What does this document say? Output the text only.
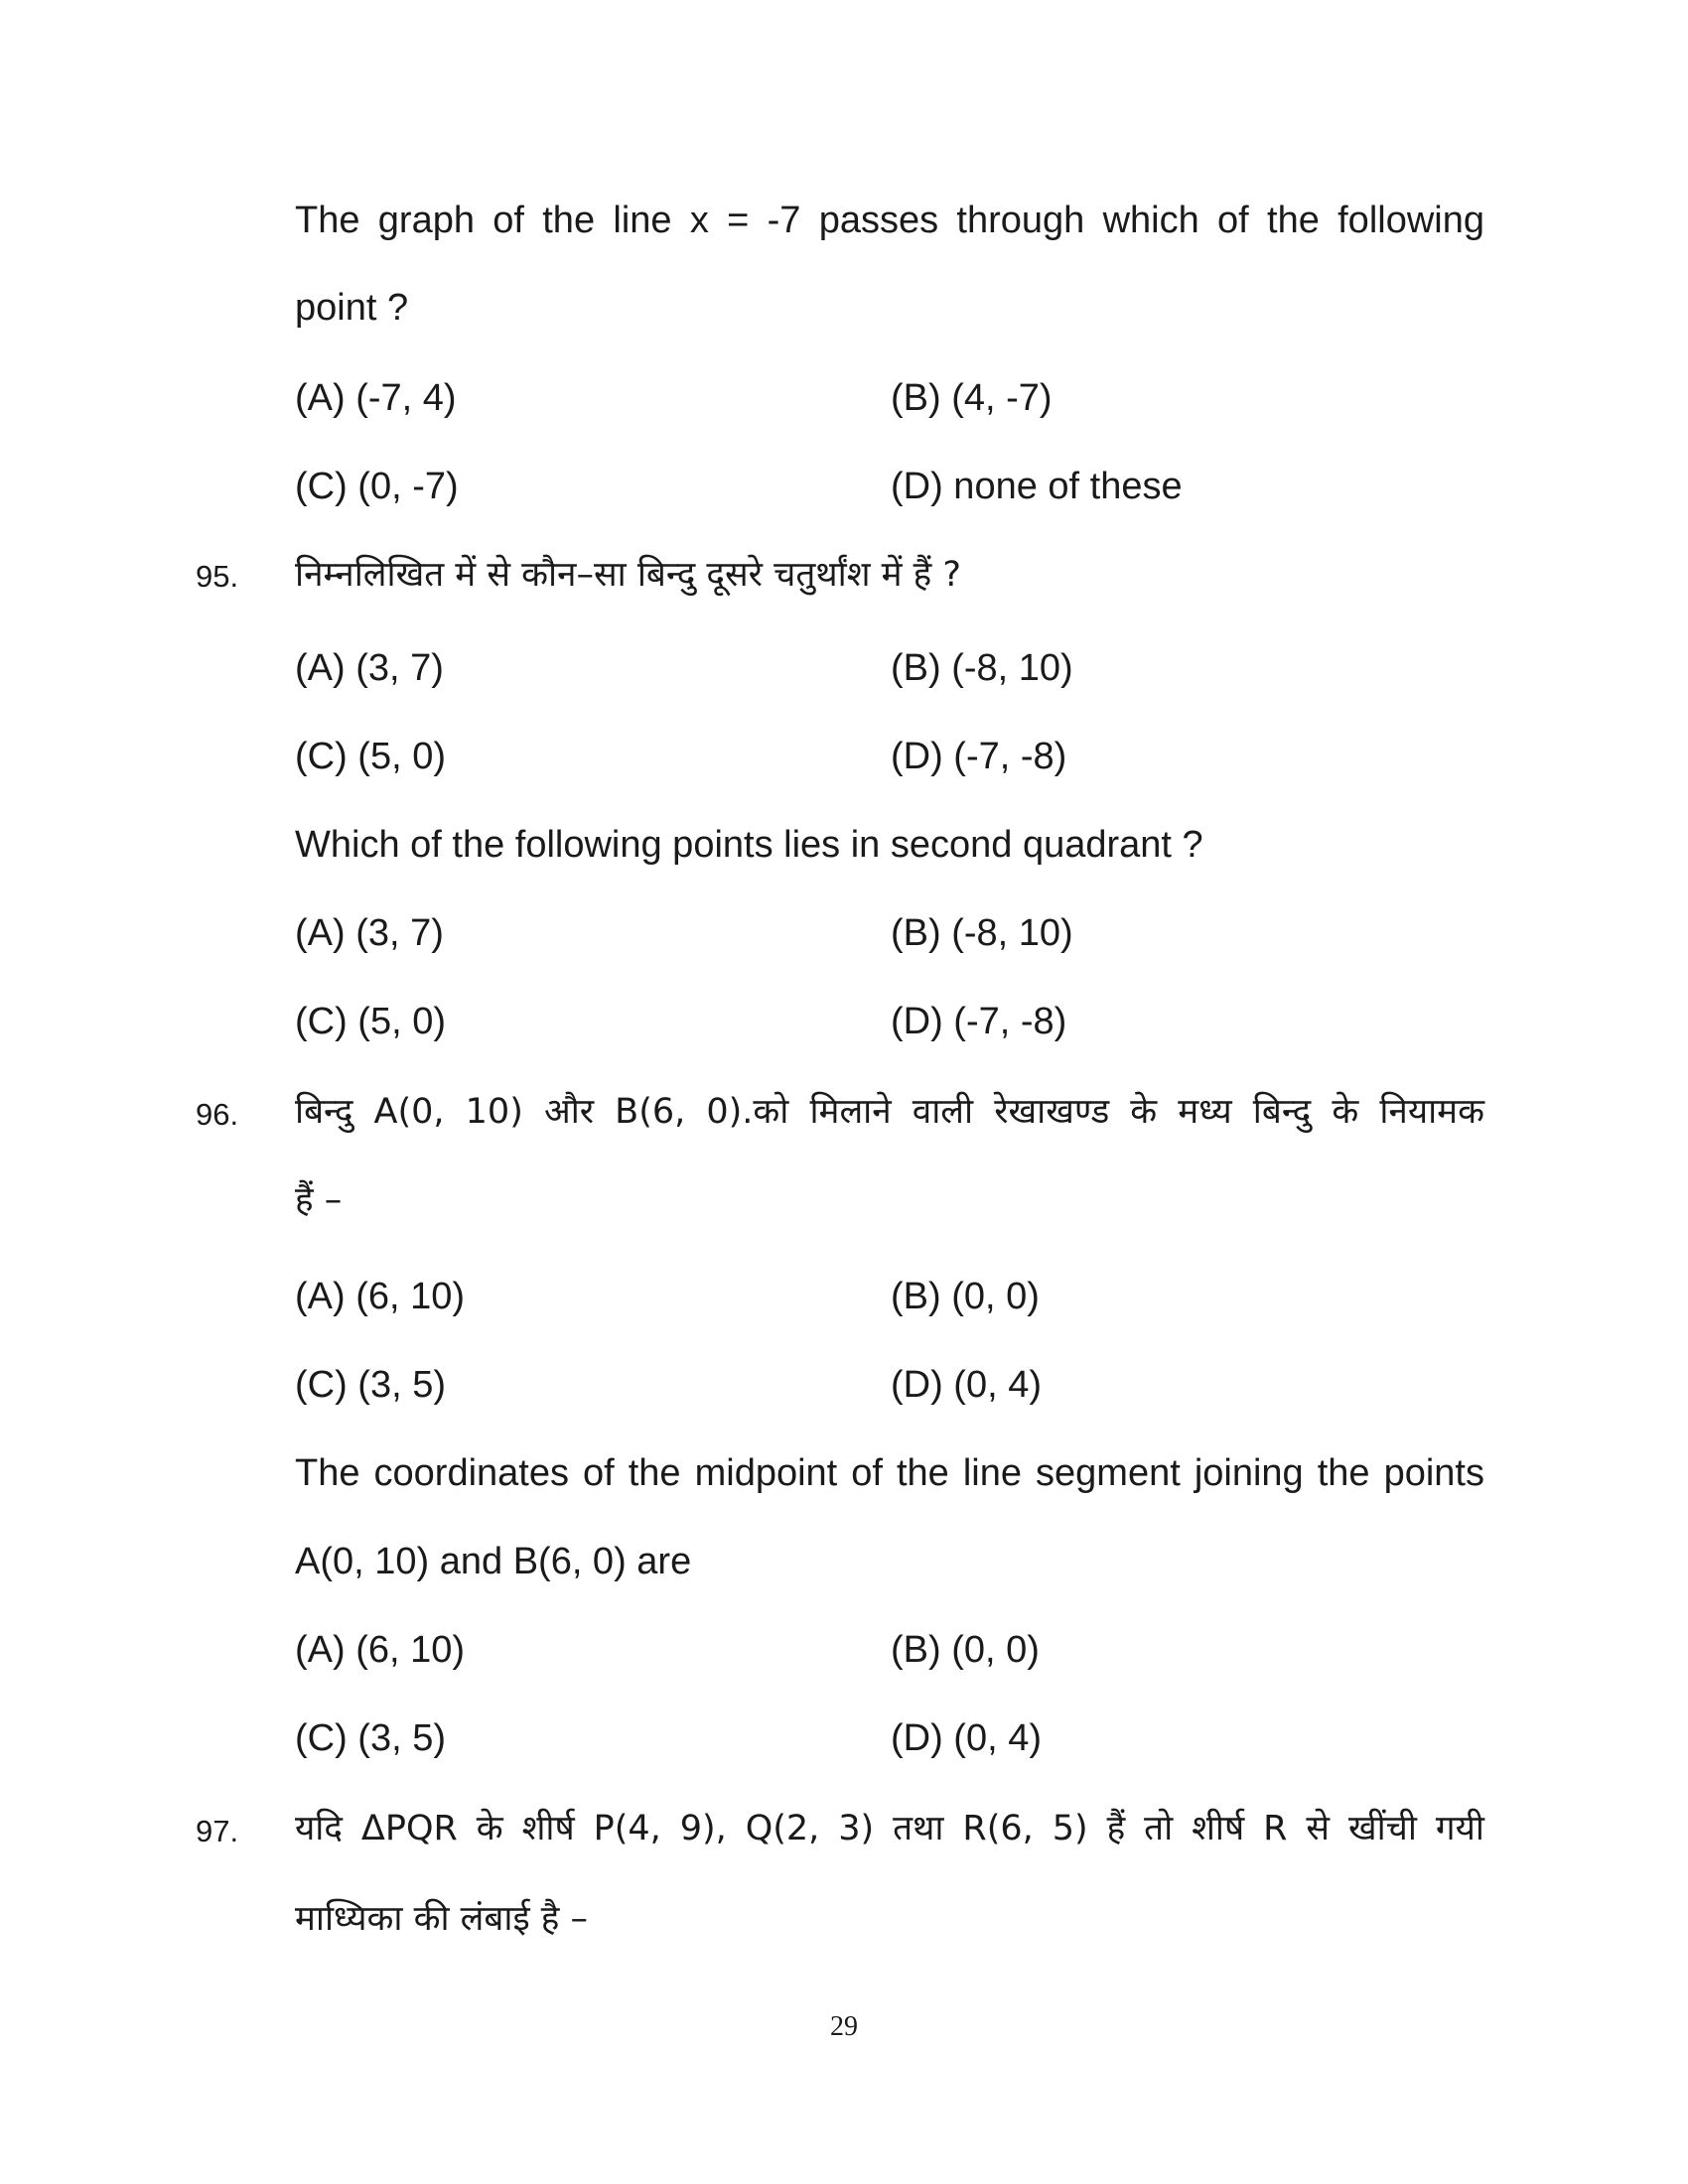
The graph of the line x = -7 passes through which of the following
point ?
(A) (-7, 4)	(B) (4, -7)
(C) (0, -7)	(D) none of these
95. निम्नलिखित में से कौन–सा बिन्दु दूसरे चतुर्थांश में हैं ?
(A) (3, 7)	(B) (-8, 10)
(C) (5, 0)	(D) (-7, -8)
Which of the following points lies in second quadrant ?
(A) (3, 7)	(B) (-8, 10)
(C) (5, 0)	(D) (-7, -8)
96. बिन्दु A(0, 10) और B(6, 0).को मिलाने वाली रेखाखण्ड के मध्य बिन्दु के नियामक
हैं –
(A) (6, 10)	(B) (0, 0)
(C) (3, 5)	(D) (0, 4)
The coordinates of the midpoint of the line segment joining the points
A(0, 10) and B(6, 0) are
(A) (6, 10)	(B) (0, 0)
(C) (3, 5)	(D) (0, 4)
97. यदि ΔPQR के शीर्ष P(4, 9), Q(2, 3) तथा R(6, 5) हैं तो शीर्ष R से खींची गयी
माध्यिका की लंबाई है –
29
